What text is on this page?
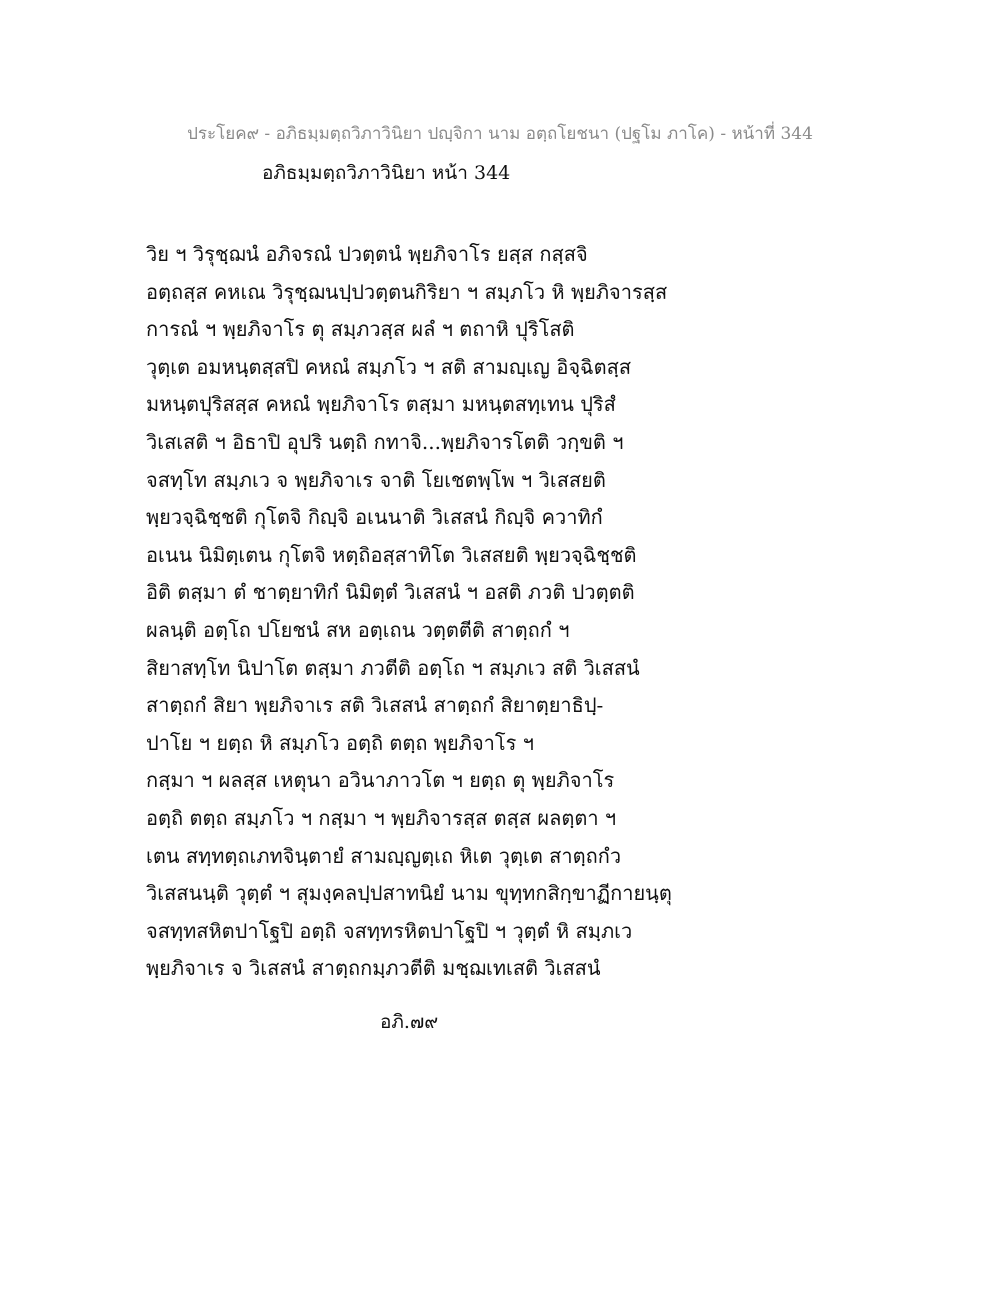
ประโยค๙ - อภิธมฺมตฺถวิภาวินิยา ปญฺจิกา นาม อตฺถโยชนา (ปฐโม ภาโค) - หน้าที่ 344
อภิธมฺมตฺถวิภาวินิยา หน้า 344
วิย ฯ วิรุชฺฌนํ อภิจรณํ ปวตฺตนํ พฺยภิจาโร ยสฺส กสฺสจิ
อตฺถสฺส คหเณ วิรุชฺฌนปฺปวตฺตนกิริยา ฯ สมฺภโว หิ พฺยภิจารสฺส
การณํ ฯ พฺยภิจาโร ตุ สมฺภวสฺส ผลํ ฯ ตถาหิ ปุริโสติ
วุตฺเต อมหนฺตสฺสปิ คหณํ สมฺภโว ฯ สติ สามญฺเญ อิจฺฉิตสฺส
มหนฺตปุริสสฺส คหณํ พฺยภิจาโร ตสฺมา มหนฺตสทฺเทน ปุริสํ
วิเสเสติ ฯ อิธาปิ อุปริ นตฺถิ กทาจิ...พฺยภิจารโตติ วกฺขติ ฯ
จสทฺโท สมฺภเว จ พฺยภิจาเร จาติ โยเชตพฺโพ ฯ วิเสสยติ
พฺยวจฺฉิชฺชติ กุโตจิ กิญฺจิ อเนนาติ วิเสสนํ กิญฺจิ ควาทิกํ
อเนน นิมิตฺเตน กุโตจิ หตฺถิอสฺสาทิโต วิเสสยติ พฺยวจฺฉิชฺชติ
อิติ ตสฺมา ตํ ชาตฺยาทิกํ นิมิตฺตํ วิเสสนํ ฯ อสติ ภวติ ปวตฺตติ
ผลนฺติ อตฺโถ ปโยชนํ สห อตฺเถน วตฺตตีติ สาตฺถกํ ฯ
สิยาสทฺโท นิปาโต ตสฺมา ภวตีติ อตฺโถ ฯ สมฺภเว สติ วิเสสนํ
สาตฺถกํ สิยา พฺยภิจาเร สติ วิเสสนํ สาตฺถกํ สิยาตฺยาธิปฺ-
ปาโย ฯ ยตฺถ หิ สมฺภโว อตฺถิ ตตฺถ พฺยภิจาโร ฯ
กสฺมา ฯ ผลสฺส เหตุนา อวินาภาวโต ฯ ยตฺถ ตุ พฺยภิจาโร
อตฺถิ ตตฺถ สมฺภโว ฯ กสฺมา ฯ พฺยภิจารสฺส ตสฺส ผลตฺตา ฯ
เตน สทฺทตฺถเภทจินฺตายํ สามญฺญตฺเถ หิเต วุตฺเต สาตฺถกํว
วิเสสนนฺติ วุตฺตํ ฯ สุมงฺคลปฺปสาทนิยํ นาม ขุทฺทกสิกฺขาฏีกายนฺตุ
จสทฺทสหิตปาโฐปิ อตฺถิ จสทฺทรหิตปาโฐปิ ฯ วุตฺตํ หิ สมฺภเว
พฺยภิจาเร จ วิเสสนํ สาตฺถกมฺภวตีติ มชฺฌเทเสติ วิเสสนํ
อภิ.๗๙
